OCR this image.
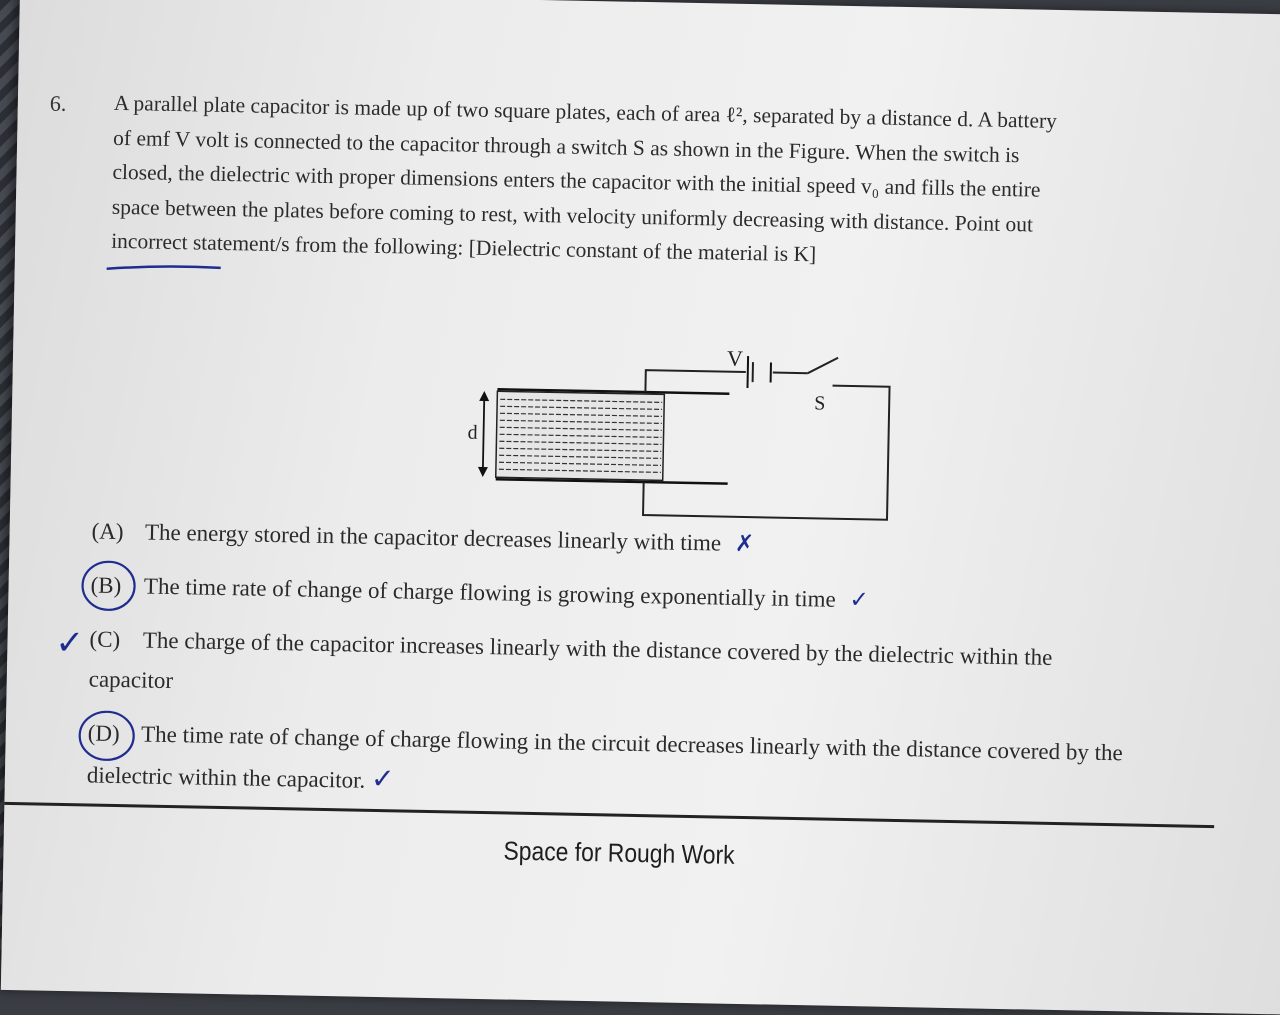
6. A parallel plate capacitor is made up of two square plates, each of area ℓ², separated by a distance d. A battery
of emf V volt is connected to the capacitor through a switch S as shown in the Figure. When the switch is
closed, the dielectric with proper dimensions enters the capacitor with the initial speed v₀ and fills the entire
space between the plates before coming to rest, with velocity uniformly decreasing with distance. Point out
incorrect statement/s from the following: [Dielectric constant of the material is K]
d
V
S
(A) The energy stored in the capacitor decreases linearly with time ✗
(B) The time rate of change of charge flowing is growing exponentially in time ✓
(C) The charge of the capacitor increases linearly with the distance covered by the dielectric within the capacitor
✓
(D) The time rate of change of charge flowing in the circuit decreases linearly with the distance covered by the dielectric within the capacitor. ✓
Space for Rough Work
